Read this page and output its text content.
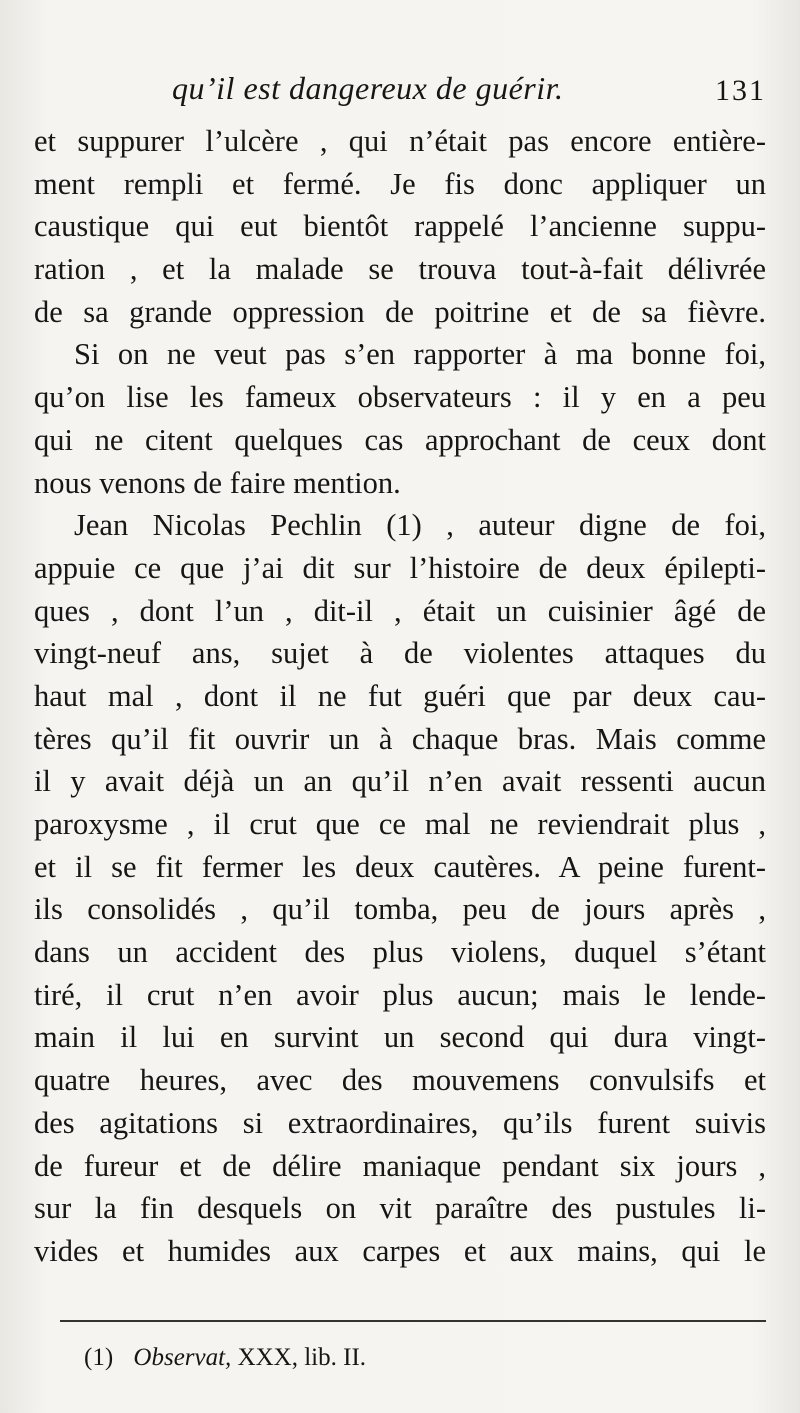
qu’il est dangereux de guérir.	131
et suppurer l’ulcère , qui n’était pas encore entière-
ment rempli et fermé. Je fis donc appliquer un
caustique qui eut bientôt rappelé l’ancienne suppu-
ration , et la malade se trouva tout-à-fait délivrée
de sa grande oppression de poitrine et de sa fièvre.
Si on ne veut pas s’en rapporter à ma bonne foi,
qu’on lise les fameux observateurs : il y en a peu
qui ne citent quelques cas approchant de ceux dont
nous venons de faire mention.
Jean Nicolas Pechlin (1) , auteur digne de foi,
appuie ce que j’ai dit sur l’histoire de deux épilepti-
ques , dont l’un , dit-il , était un cuisinier âgé de
vingt-neuf ans, sujet à de violentes attaques du
haut mal , dont il ne fut guéri que par deux cau-
tères qu’il fit ouvrir un à chaque bras. Mais comme
il y avait déjà un an qu’il n’en avait ressenti aucun
paroxysme , il crut que ce mal ne reviendrait plus ,
et il se fit fermer les deux cautères. A peine furent-
ils consolidés , qu’il tomba, peu de jours après ,
dans un accident des plus violens, duquel s’étant
tiré, il crut n’en avoir plus aucun; mais le lende-
main il lui en survint un second qui dura vingt-
quatre heures, avec des mouvemens convulsifs et
des agitations si extraordinaires, qu’ils furent suivis
de fureur et de délire maniaque pendant six jours ,
sur la fin desquels on vit paraître des pustules li-
vides et humides aux carpes et aux mains, qui le
(1) Observat, XXX, lib. II.
